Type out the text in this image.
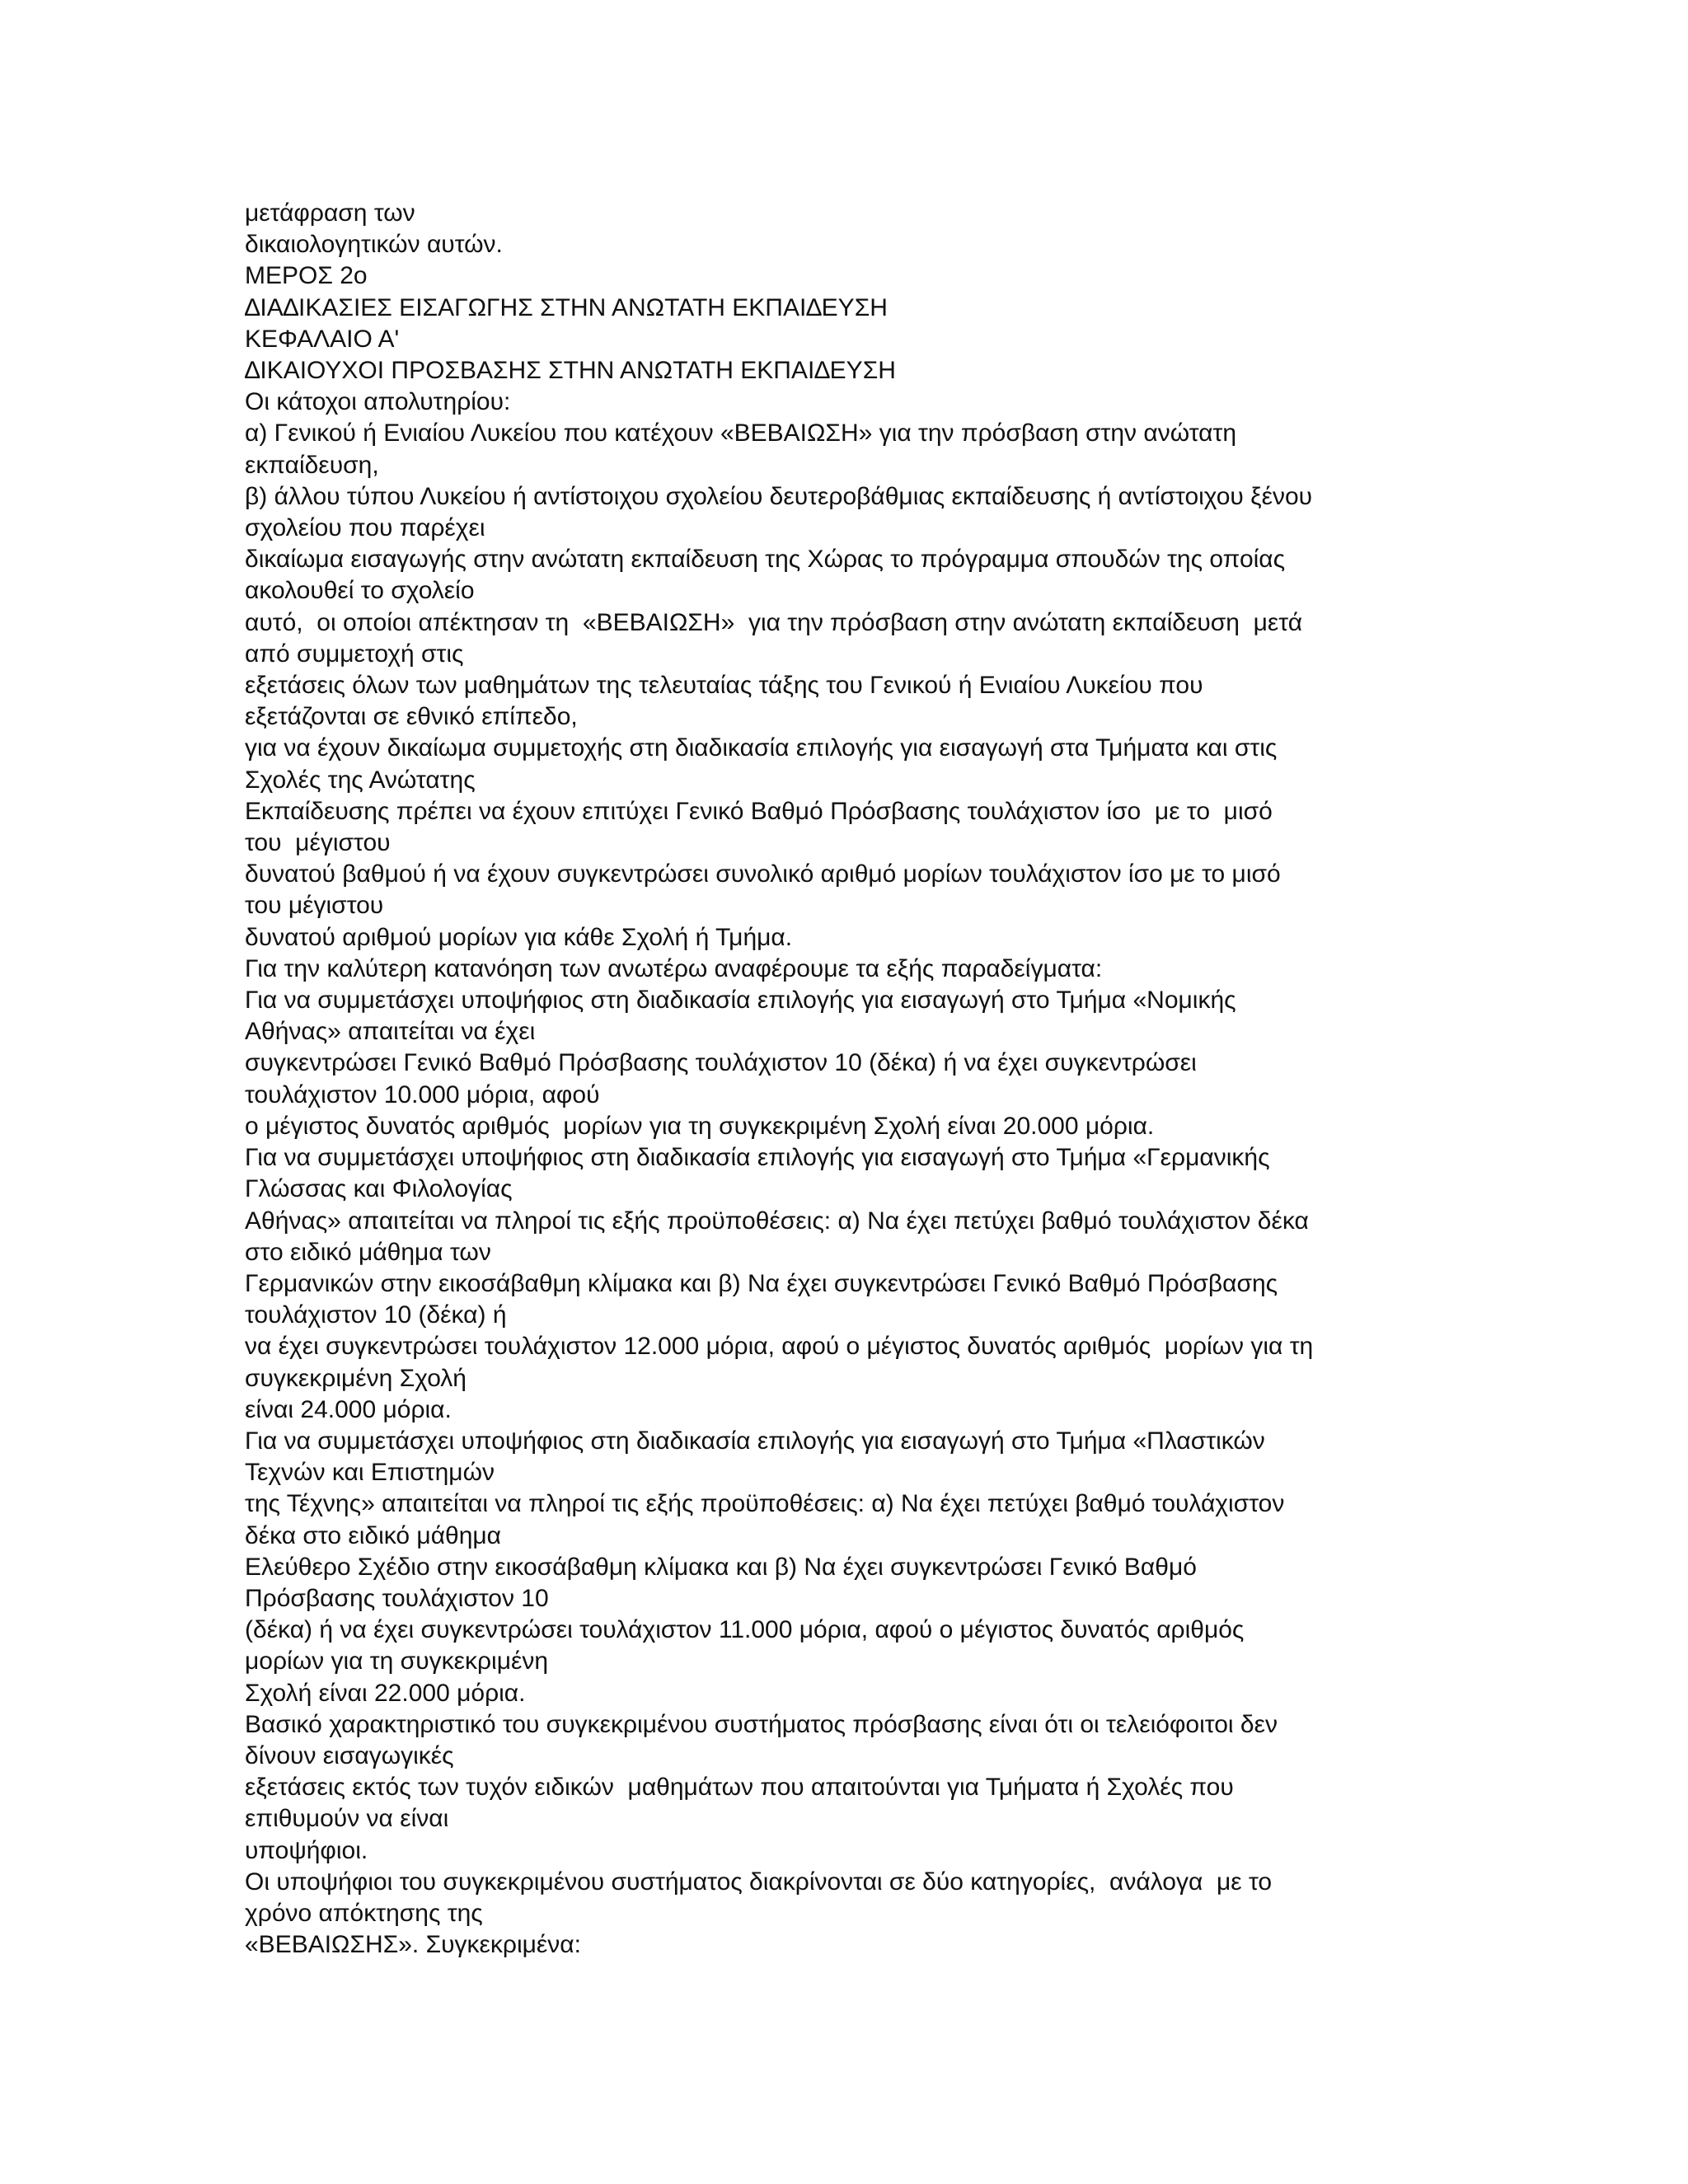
μετάφραση των
δικαιολογητικών αυτών.
ΜΕΡΟΣ 2ο
∆ΙΑ∆ΙΚΑΣΙΕΣ ΕΙΣΑΓΩΓΗΣ ΣΤΗΝ ΑΝΩΤΑΤΗ ΕΚΠΑΙ∆ΕΥΣΗ
ΚΕΦΑΛΑΙΟ Α'
∆ΙΚΑΙΟΥΧΟΙ ΠΡΟΣΒΑΣΗΣ ΣΤΗΝ ΑΝΩΤΑΤΗ ΕΚΠΑΙ∆ΕΥΣΗ
Οι κάτοχοι απολυτηρίου:
α) Γενικού ή Ενιαίου Λυκείου που κατέχουν «ΒΕΒΑΙΩΣΗ» για την πρόσβαση στην ανώτατη
εκπαίδευση,
β) άλλου τύπου Λυκείου ή αντίστοιχου σχολείου δευτεροβάθμιας εκπαίδευσης ή αντίστοιχου ξένου
σχολείου που παρέχει
δικαίωμα εισαγωγής στην ανώτατη εκπαίδευση της Χώρας το πρόγραμμα σπουδών της οποίας
ακολουθεί το σχολείο
αυτό,  οι οποίοι απέκτησαν τη  «ΒΕΒΑΙΩΣΗ»  για την πρόσβαση στην ανώτατη εκπαίδευση  μετά
από συμμετοχή στις
εξετάσεις όλων των μαθημάτων της τελευταίας τάξης του Γενικού ή Ενιαίου Λυκείου που
εξετάζονται σε εθνικό επίπεδο,
για να έχουν δικαίωμα συμμετοχής στη διαδικασία επιλογής για εισαγωγή στα Τμήματα και στις
Σχολές της Ανώτατης
Εκπαίδευσης πρέπει να έχουν επιτύχει Γενικό Βαθμό Πρόσβασης τουλάχιστον ίσο  με το  μισό
του  μέγιστου
δυνατού βαθμού ή να έχουν συγκεντρώσει συνολικό αριθμό μορίων τουλάχιστον ίσο με το μισό
του μέγιστου
δυνατού αριθμού μορίων για κάθε Σχολή ή Τμήμα.
Για την καλύτερη κατανόηση των ανωτέρω αναφέρουμε τα εξής παραδείγματα:
Για να συμμετάσχει υποψήφιος στη διαδικασία επιλογής για εισαγωγή στο Τμήμα «Νομικής
Αθήνας» απαιτείται να έχει
συγκεντρώσει Γενικό Βαθμό Πρόσβασης τουλάχιστον 10 (δέκα) ή να έχει συγκεντρώσει
τουλάχιστον 10.000 μόρια, αφού
ο μέγιστος δυνατός αριθμός  μορίων για τη συγκεκριμένη Σχολή είναι 20.000 μόρια.
Για να συμμετάσχει υποψήφιος στη διαδικασία επιλογής για εισαγωγή στο Τμήμα «Γερμανικής
Γλώσσας και Φιλολογίας
Αθήνας» απαιτείται να πληροί τις εξής προϋποθέσεις: α) Να έχει πετύχει βαθμό τουλάχιστον δέκα
στο ειδικό μάθημα των
Γερμανικών στην εικοσάβαθμη κλίμακα και β) Να έχει συγκεντρώσει Γενικό Βαθμό Πρόσβασης
τουλάχιστον 10 (δέκα) ή
να έχει συγκεντρώσει τουλάχιστον 12.000 μόρια, αφού ο μέγιστος δυνατός αριθμός  μορίων για τη
συγκεκριμένη Σχολή
είναι 24.000 μόρια.
Για να συμμετάσχει υποψήφιος στη διαδικασία επιλογής για εισαγωγή στο Τμήμα «Πλαστικών
Τεχνών και Επιστημών
της Τέχνης» απαιτείται να πληροί τις εξής προϋποθέσεις: α) Να έχει πετύχει βαθμό τουλάχιστον
δέκα στο ειδικό μάθημα
Ελεύθερο Σχέδιο στην εικοσάβαθμη κλίμακα και β) Να έχει συγκεντρώσει Γενικό Βαθμό
Πρόσβασης τουλάχιστον 10
(δέκα) ή να έχει συγκεντρώσει τουλάχιστον 11.000 μόρια, αφού ο μέγιστος δυνατός αριθμός
μορίων για τη συγκεκριμένη
Σχολή είναι 22.000 μόρια.
Βασικό χαρακτηριστικό του συγκεκριμένου συστήματος πρόσβασης είναι ότι οι τελειόφοιτοι δεν
δίνουν εισαγωγικές
εξετάσεις εκτός των τυχόν ειδικών  μαθημάτων που απαιτούνται για Τμήματα ή Σχολές που
επιθυμούν να είναι
υποψήφιοι.
Οι υποψήφιοι του συγκεκριμένου συστήματος διακρίνονται σε δύο κατηγορίες,  ανάλογα  με το
χρόνο απόκτησης της
«ΒΕΒΑΙΩΣΗΣ». Συγκεκριμένα:
